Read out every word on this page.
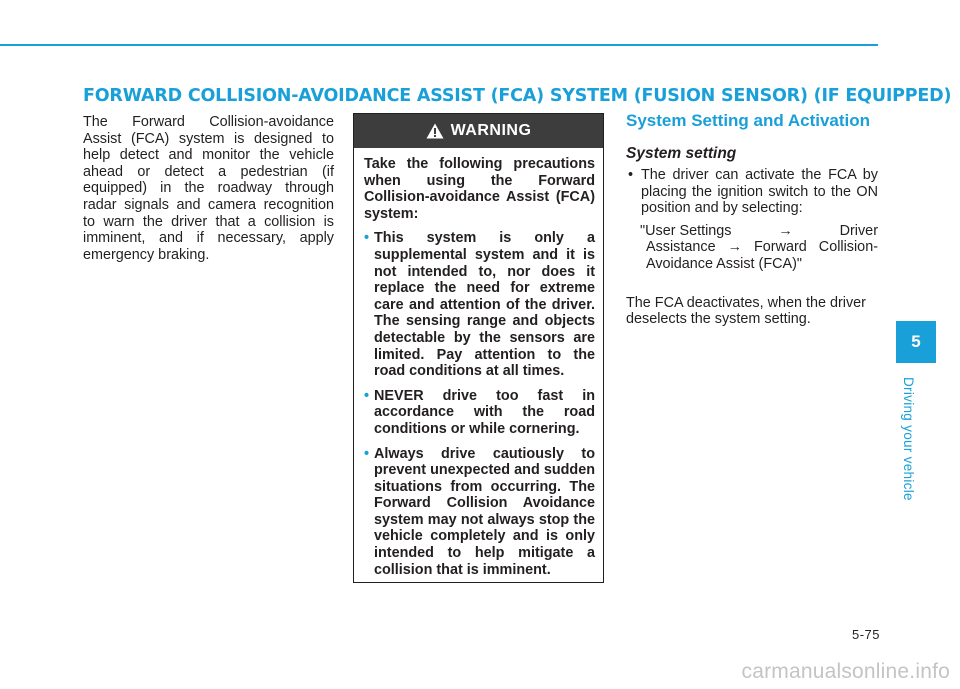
FORWARD COLLISION-AVOIDANCE ASSIST (FCA) SYSTEM (FUSION SENSOR) (IF EQUIPPED)

The Forward Collision-avoidance Assist (FCA) system is designed to help detect and monitor the vehicle ahead or detect a pedestrian (if equipped) in the roadway through radar signals and camera recognition to warn the driver that a collision is imminent, and if necessary, apply emergency braking.

WARNING

Take the following precautions when using the Forward Collision-avoidance Assist (FCA) system:

• This system is only a supplemental system and it is not intended to, nor does it replace the need for extreme care and attention of the driver. The sensing range and objects detectable by the sensors are limited. Pay attention to the road conditions at all times.
• NEVER drive too fast in accordance with the road conditions or while cornering.
• Always drive cautiously to prevent unexpected and sudden situations from occurring. The Forward Collision Avoidance system may not always stop the vehicle completely and is only intended to help mitigate a collision that is imminent.
System Setting and Activation
System setting

• The driver can activate the FCA by placing the ignition switch to the ON position and by selecting:

"User Settings	→	Driver
Assistance → Forward Collision-Avoidance Assist (FCA)"

The FCA deactivates, when the driver deselects the system setting.

5
Driving your vehicle
5-75
carmanualsonline.info
